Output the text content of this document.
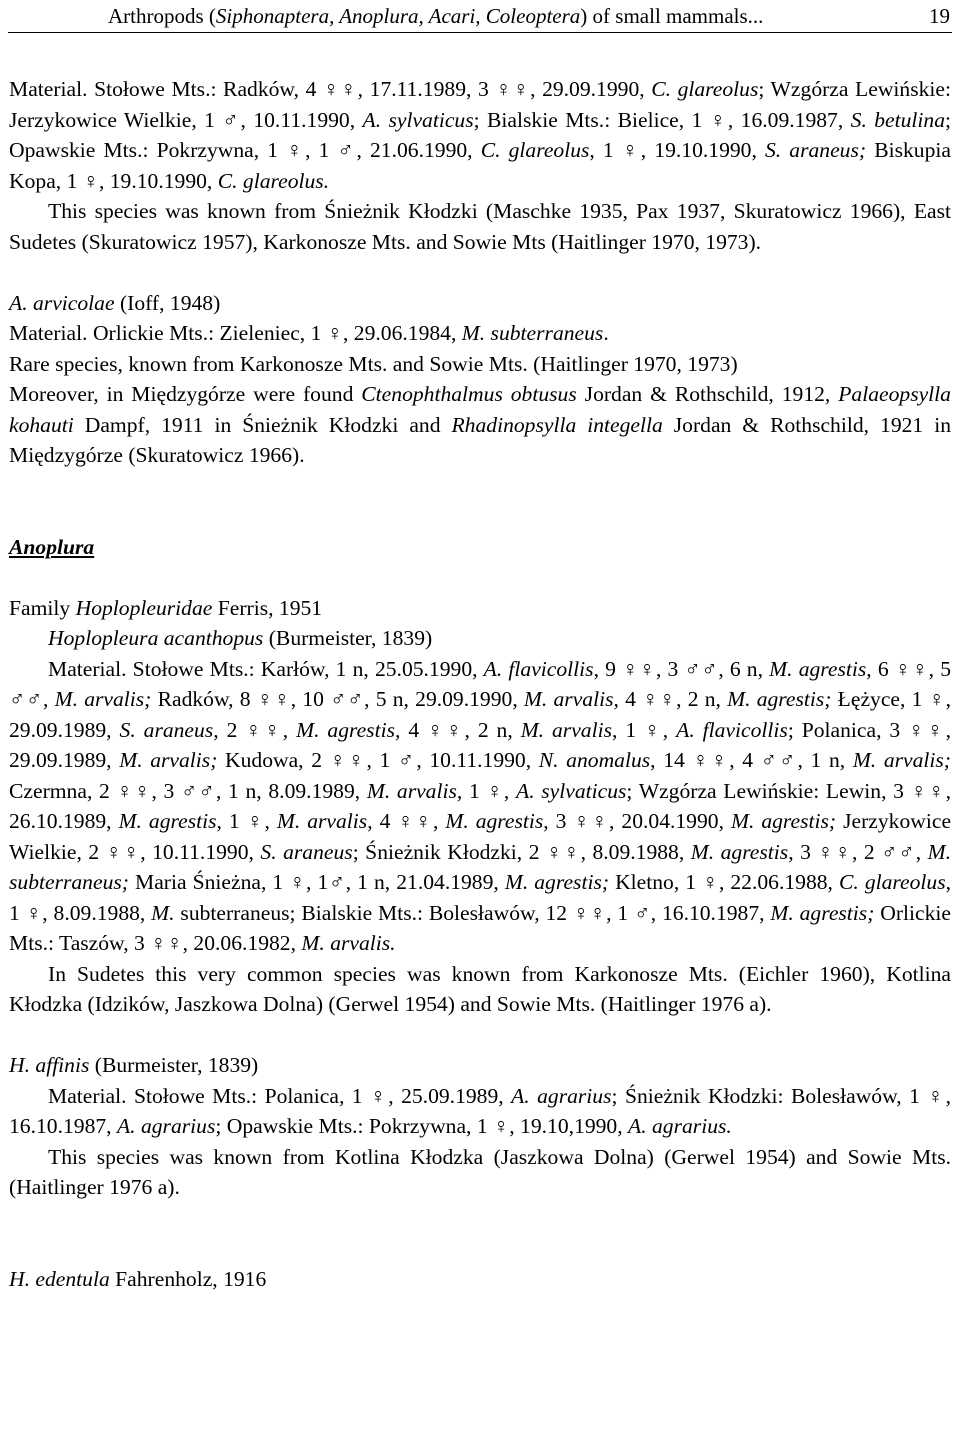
Arthropods (Siphonaptera, Anoplura, Acari, Coleoptera) of small mammals...	19

Material. Stołowe Mts.: Radków, 4 ♀♀, 17.11.1989, 3 ♀♀, 29.09.1990, C. glareolus; Wzgórza Lewińskie: Jerzykowice Wielkie, 1 ♂, 10.11.1990, A. sylvaticus; Bialskie Mts.: Bielice, 1 ♀, 16.09.1987, S. betulina; Opawskie Mts.: Pokrzywna, 1 ♀, 1 ♂, 21.06.1990, C. glareolus, 1 ♀, 19.10.1990, S. araneus; Biskupia Kopa, 1 ♀, 19.10.1990, C. glareolus.

This species was known from Śnieżnik Kłodzki (Maschke 1935, Pax 1937, Skuratowicz 1966), East Sudetes (Skuratowicz 1957), Karkonosze Mts. and Sowie Mts (Haitlinger 1970, 1973).

A. arvicolae (Ioff, 1948)

Material. Orlickie Mts.: Zieleniec, 1 ♀, 29.06.1984, M. subterraneus.

Rare species, known from Karkonosze Mts. and Sowie Mts. (Haitlinger 1970, 1973)

Moreover, in Międzygórze were found Ctenophthalmus obtusus Jordan & Rothschild, 1912, Palaeopsylla kohauti Dampf, 1911 in Śnieżnik Kłodzki and Rhadinopsylla integella Jordan & Rothschild, 1921 in Międzygórze (Skuratowicz 1966).

Anoplura

Family Hoplopleuridae Ferris, 1951

Hoplopleura acanthopus (Burmeister, 1839)

Material. Stołowe Mts.: Karłów, 1 n, 25.05.1990, A. flavicollis, 9 ♀♀, 3 ♂♂, 6 n, M. agrestis, 6 ♀♀, 5 ♂♂, M. arvalis; Radków, 8 ♀♀, 10 ♂♂, 5 n, 29.09.1990, M. arvalis, 4 ♀♀, 2 n, M. agrestis; Łężyce, 1 ♀, 29.09.1989, S. araneus, 2 ♀♀, M. agrestis, 4 ♀♀, 2 n, M. arvalis, 1 ♀, A. flavicollis; Polanica, 3 ♀♀, 29.09.1989, M. arvalis; Kudowa, 2 ♀♀, 1 ♂, 10.11.1990, N. anomalus, 14 ♀♀, 4 ♂♂, 1 n, M. arvalis; Czermna, 2 ♀♀, 3 ♂♂, 1 n, 8.09.1989, M. arvalis, 1 ♀, A. sylvaticus; Wzgórza Lewińskie: Lewin, 3 ♀♀, 26.10.1989, M. agrestis, 1 ♀, M. arvalis, 4 ♀♀, M. agrestis, 3 ♀♀, 20.04.1990, M. agrestis; Jerzykowice Wielkie, 2 ♀♀, 10.11.1990, S. araneus; Śnieżnik Kłodzki, 2 ♀♀, 8.09.1988, M. agrestis, 3 ♀♀, 2 ♂♂, M. subterraneus; Maria Śnieżna, 1 ♀, 1♂, 1 n, 21.04.1989, M. agrestis; Kletno, 1 ♀, 22.06.1988, C. glareolus, 1 ♀, 8.09.1988, M. subterraneus; Bialskie Mts.: Bolesławów, 12 ♀♀, 1 ♂, 16.10.1987, M. agrestis; Orlickie Mts.: Taszów, 3 ♀♀, 20.06.1982, M. arvalis.

In Sudetes this very common species was known from Karkonosze Mts. (Eichler 1960), Kotlina Kłodzka (Idzików, Jaszkowa Dolna) (Gerwel 1954) and Sowie Mts. (Haitlinger 1976 a).

H. affinis (Burmeister, 1839)

Material. Stołowe Mts.: Polanica, 1 ♀, 25.09.1989, A. agrarius; Śnieżnik Kłodzki: Bolesławów, 1 ♀, 16.10.1987, A. agrarius; Opawskie Mts.: Pokrzywna, 1 ♀, 19.10,1990, A. agrarius.

This species was known from Kotlina Kłodzka (Jaszkowa Dolna) (Gerwel 1954) and Sowie Mts. (Haitlinger 1976 a).

H. edentula Fahrenholz, 1916
